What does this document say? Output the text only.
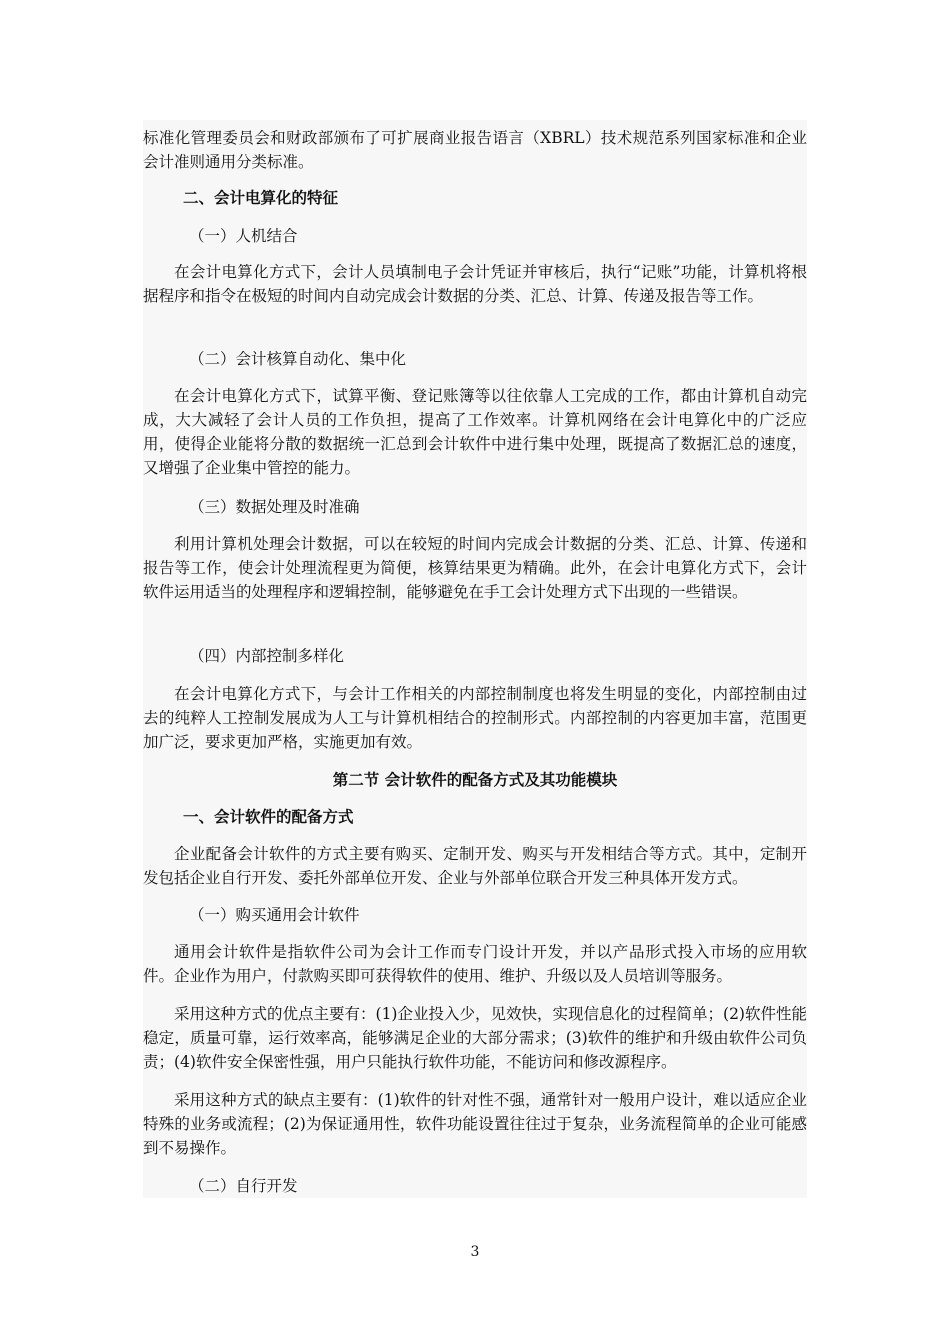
标准化管理委员会和财政部颁布了可扩展商业报告语言（XBRL）技术规范系列国家标准和企业会计准则通用分类标准。
二、会计电算化的特征
（一）人机结合
在会计电算化方式下，会计人员填制电子会计凭证并审核后，执行“记账”功能，计算机将根据程序和指令在极短的时间内自动完成会计数据的分类、汇总、计算、传递及报告等工作。
（二）会计核算自动化、集中化
在会计电算化方式下，试算平衡、登记账簿等以往依靠人工完成的工作，都由计算机自动完成，大大减轻了会计人员的工作负担，提高了工作效率。计算机网络在会计电算化中的广泛应用，使得企业能将分散的数据统一汇总到会计软件中进行集中处理，既提高了数据汇总的速度，又增强了企业集中管控的能力。
（三）数据处理及时准确
利用计算机处理会计数据，可以在较短的时间内完成会计数据的分类、汇总、计算、传递和报告等工作，使会计处理流程更为简便，核算结果更为精确。此外，在会计电算化方式下，会计软件运用适当的处理程序和逻辑控制，能够避免在手工会计处理方式下出现的一些错误。
（四）内部控制多样化
在会计电算化方式下，与会计工作相关的内部控制制度也将发生明显的变化，内部控制由过去的纯粹人工控制发展成为人工与计算机相结合的控制形式。内部控制的内容更加丰富，范围更加广泛，要求更加严格，实施更加有效。
第二节 会计软件的配备方式及其功能模块
一、会计软件的配备方式
企业配备会计软件的方式主要有购买、定制开发、购买与开发相结合等方式。其中，定制开发包括企业自行开发、委托外部单位开发、企业与外部单位联合开发三种具体开发方式。
（一）购买通用会计软件
通用会计软件是指软件公司为会计工作而专门设计开发，并以产品形式投入市场的应用软件。企业作为用户，付款购买即可获得软件的使用、维护、升级以及人员培训等服务。
采用这种方式的优点主要有：(1)企业投入少，见效快，实现信息化的过程简单；(2)软件性能稳定，质量可靠，运行效率高，能够满足企业的大部分需求；(3)软件的维护和升级由软件公司负责；(4)软件安全保密性强，用户只能执行软件功能，不能访问和修改源程序。
采用这种方式的缺点主要有：(1)软件的针对性不强，通常针对一般用户设计，难以适应企业特殊的业务或流程；(2)为保证通用性，软件功能设置往往过于复杂，业务流程简单的企业可能感到不易操作。
（二）自行开发
3
